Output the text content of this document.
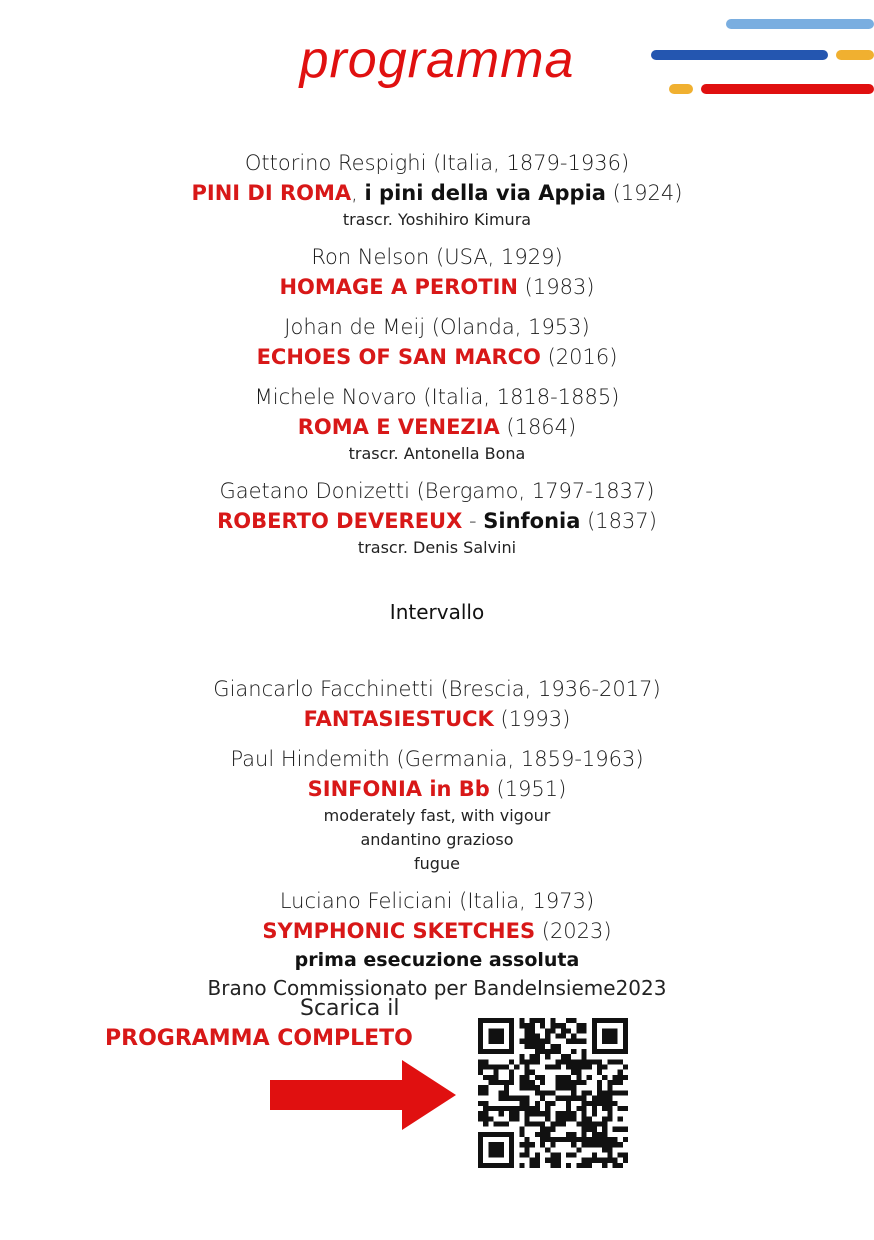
programma
Ottorino Respighi (Italia, 1879-1936)
PINI DI ROMA, i pini della via Appia (1924)
trascr. Yoshihiro Kimura
Ron Nelson (USA, 1929)
HOMAGE A PEROTIN (1983)
Johan de Meij (Olanda, 1953)
ECHOES OF SAN MARCO (2016)
Michele Novaro (Italia, 1818-1885)
ROMA E VENEZIA (1864)
trascr. Antonella Bona
Gaetano Donizetti (Bergamo, 1797-1837)
ROBERTO DEVEREUX - Sinfonia (1837)
trascr. Denis Salvini
Intervallo
Giancarlo Facchinetti (Brescia, 1936-2017)
FANTASIESTUCK (1993)
Paul Hindemith (Germania, 1859-1963)
SINFONIA in Bb (1951)
moderately fast, with vigour
andantino grazioso
fugue
Luciano Feliciani (Italia, 1973)
SYMPHONIC SKETCHES (2023)
prima esecuzione assoluta
Brano Commissionato per BandeInsieme2023
Scarica il
PROGRAMMA COMPLETO
